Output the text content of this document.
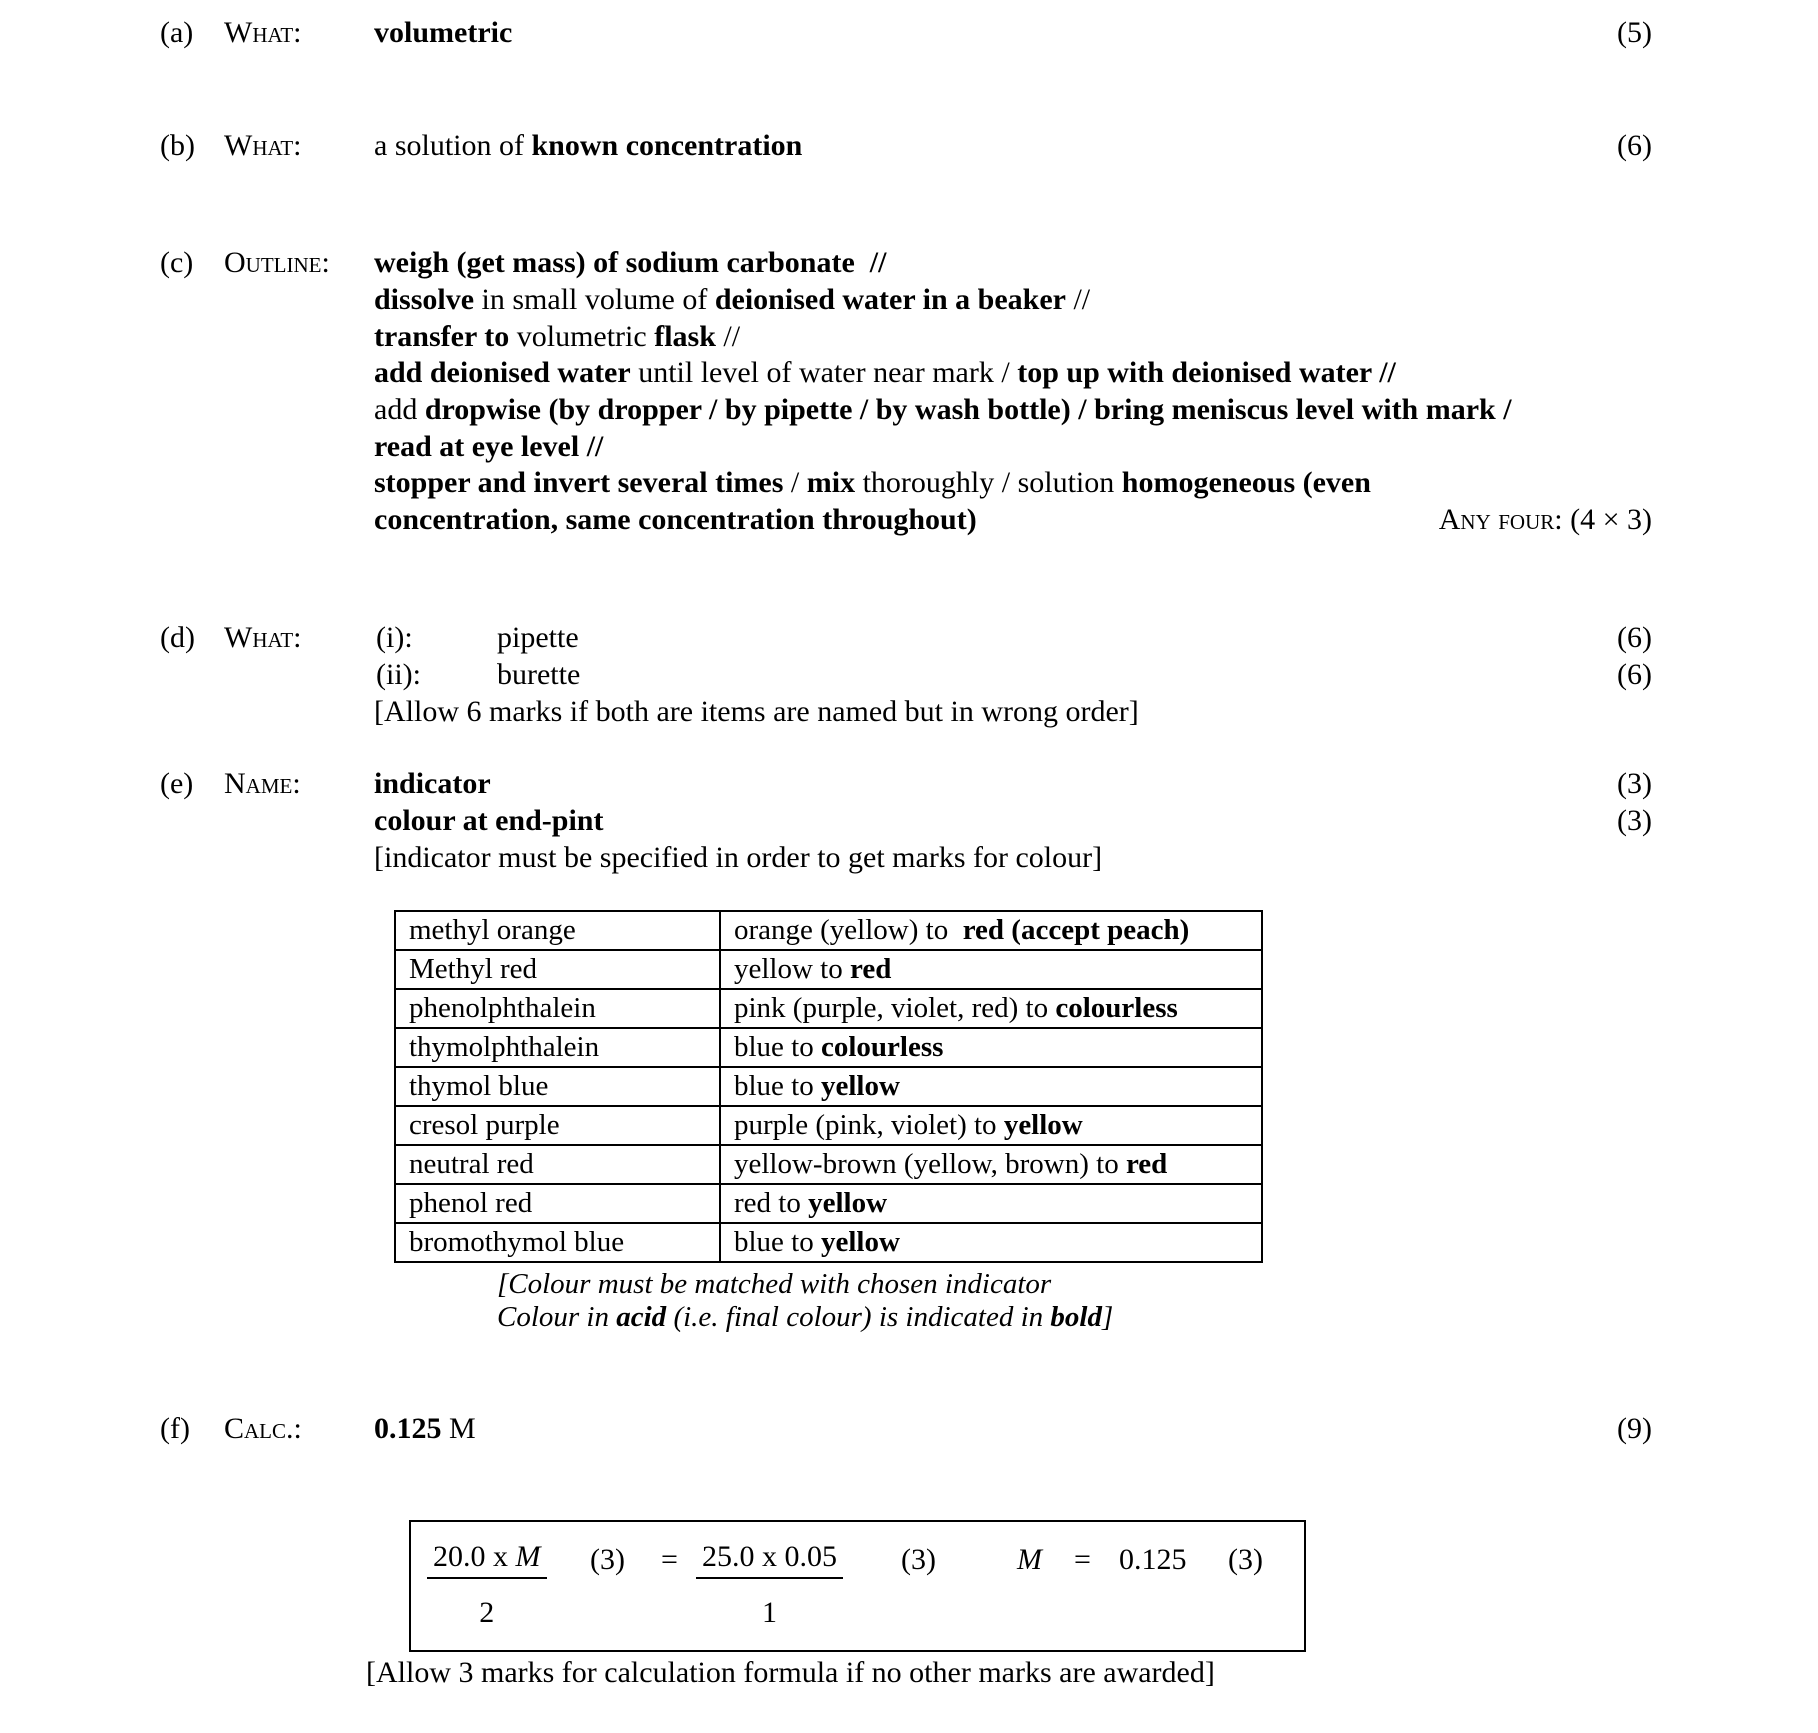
(a) What: volumetric	(5)
(b) What: a solution of known concentration	(6)
(c) Outline: weigh (get mass) of sodium carbonate  //
dissolve in small volume of deionised water in a beaker //
transfer to volumetric flask //
add deionised water until level of water near mark / top up with deionised water //
add dropwise (by dropper / by pipette / by wash bottle) / bring meniscus level with mark /
read at eye level //
stopper and invert several times / mix thoroughly / solution homogeneous (even
concentration, same concentration throughout)	Any four: (4 × 3)
(d) What: (i):	pipette	(6)
(ii):	burette	(6)
[Allow 6 marks if both are items are named but in wrong order]
(e) Name: indicator	(3)
colour at end-pint	(3)
[indicator must be specified in order to get marks for colour]
methyl orange	orange (yellow) to  red (accept peach)
Methyl red	yellow to red
phenolphthalein	pink (purple, violet, red) to colourless
thymolphthalein	blue to colourless
thymol blue	blue to yellow
cresol purple	purple (pink, violet) to yellow
neutral red	yellow-brown (yellow, brown) to red
phenol red	red to yellow
bromothymol blue	blue to yellow
[Colour must be matched with chosen indicator
Colour in acid (i.e. final colour) is indicated in bold]
(f) Calc.: 0.125 M	(9)
$\frac{\text{20.0 x M}}{2} (3) = \frac{25.0 x 0.05}{1} (3)$	M = 0.125 (3)
[Allow 3 marks for calculation formula if no other marks are awarded]
